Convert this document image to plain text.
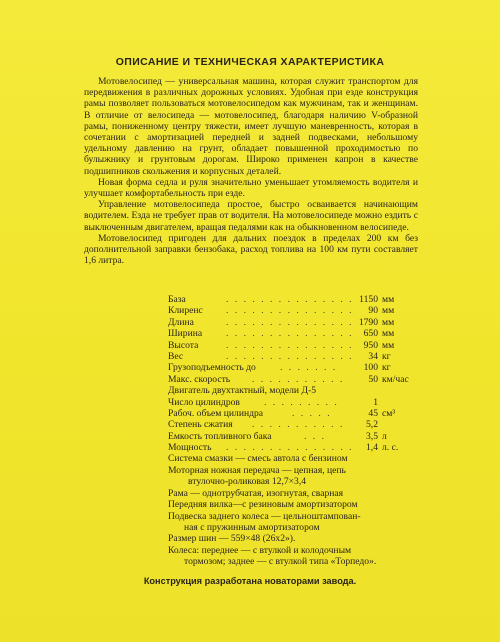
ОПИСАНИЕ И ТЕХНИЧЕСКАЯ ХАРАКТЕРИСТИКА

Мотовелосипед — универсальная машина, которая служит транспортом для передвижения в различных дорожных условиях. Удобная при езде конструкция рамы позволяет пользоваться мотовелосипедом как мужчинам, так и женщинам. В отличие от велосипеда — мотовелосипед, благодаря наличию V-образной рамы, пониженному центру тяжести, имеет лучшую маневренность, которая в сочетании с амортизацией передней и задней подвесками, небольшому удельному давлению на грунт, обладает повышенной проходимостью по булыжнику и грунтовым дорогам. Широко применен капрон в качестве подшипников скольжения и корпусных деталей.

Новая форма седла и руля значительно уменьшает утомляемость водителя и улучшает комфортабельность при езде.

Управление мотовелосипеда простое, быстро осваивается начинающим водителем. Езда не требует прав от водителя. На мотовелосипеде можно ездить с выключенным двигателем, вращая педалями как на обыкновенном велосипеде.

Мотовелосипед пригоден для дальних поездок в пределах 200 км без дополнительной заправки бензобака, расход топлива на 100 км пути составляет 1,6 литра.

База	. . . . . . . . . . . . . . . 1150 мм
Клиренс . . . . . . . . . . . . . . . 90 мм
Длина	. . . . . . . . . . . . . . . 1790 мм
Ширина . . . . . . . . . . . . . . . 650 мм
Высота	. . . . . . . . . . . . . . . 950 мм
Вес	. . . . . . . . . . . . . . . 34 кг
Грузоподъемность до	. . . . . . .	100 кг
Макс. скорость . . . . . . . . . . .	50 км/час
Двигатель двухтактный, модели Д-5
Число цилиндров	. . . . . . . . .	1
Рабоч. объем цилиндра	. . . . .	45 см³
Степень сжатия . . . . . . . . . . . 5,2
Емкость топливного бака	. . .	3,5 л
Мощность . . . . . . . . . . . . . . . 1,4 л. с.
Система смазки — смесь автола с бензином
Моторная ножная передача — цепная, цепь
втулочно-роликовая 12,7×3,4
Рама — однотрубчатая, изогнутая, сварная
Передняя вилка—с резиновым амортизатором
Подвеска заднего колеса — цельноштампован-
ная с пружинным амортизатором
Размер шин — 559×48 (26х2»).
Колеса: переднее — с втулкой и колодочным
тормозом; заднее — с втулкой типа «Торпедо».
Конструкция разработана новаторами завода.
